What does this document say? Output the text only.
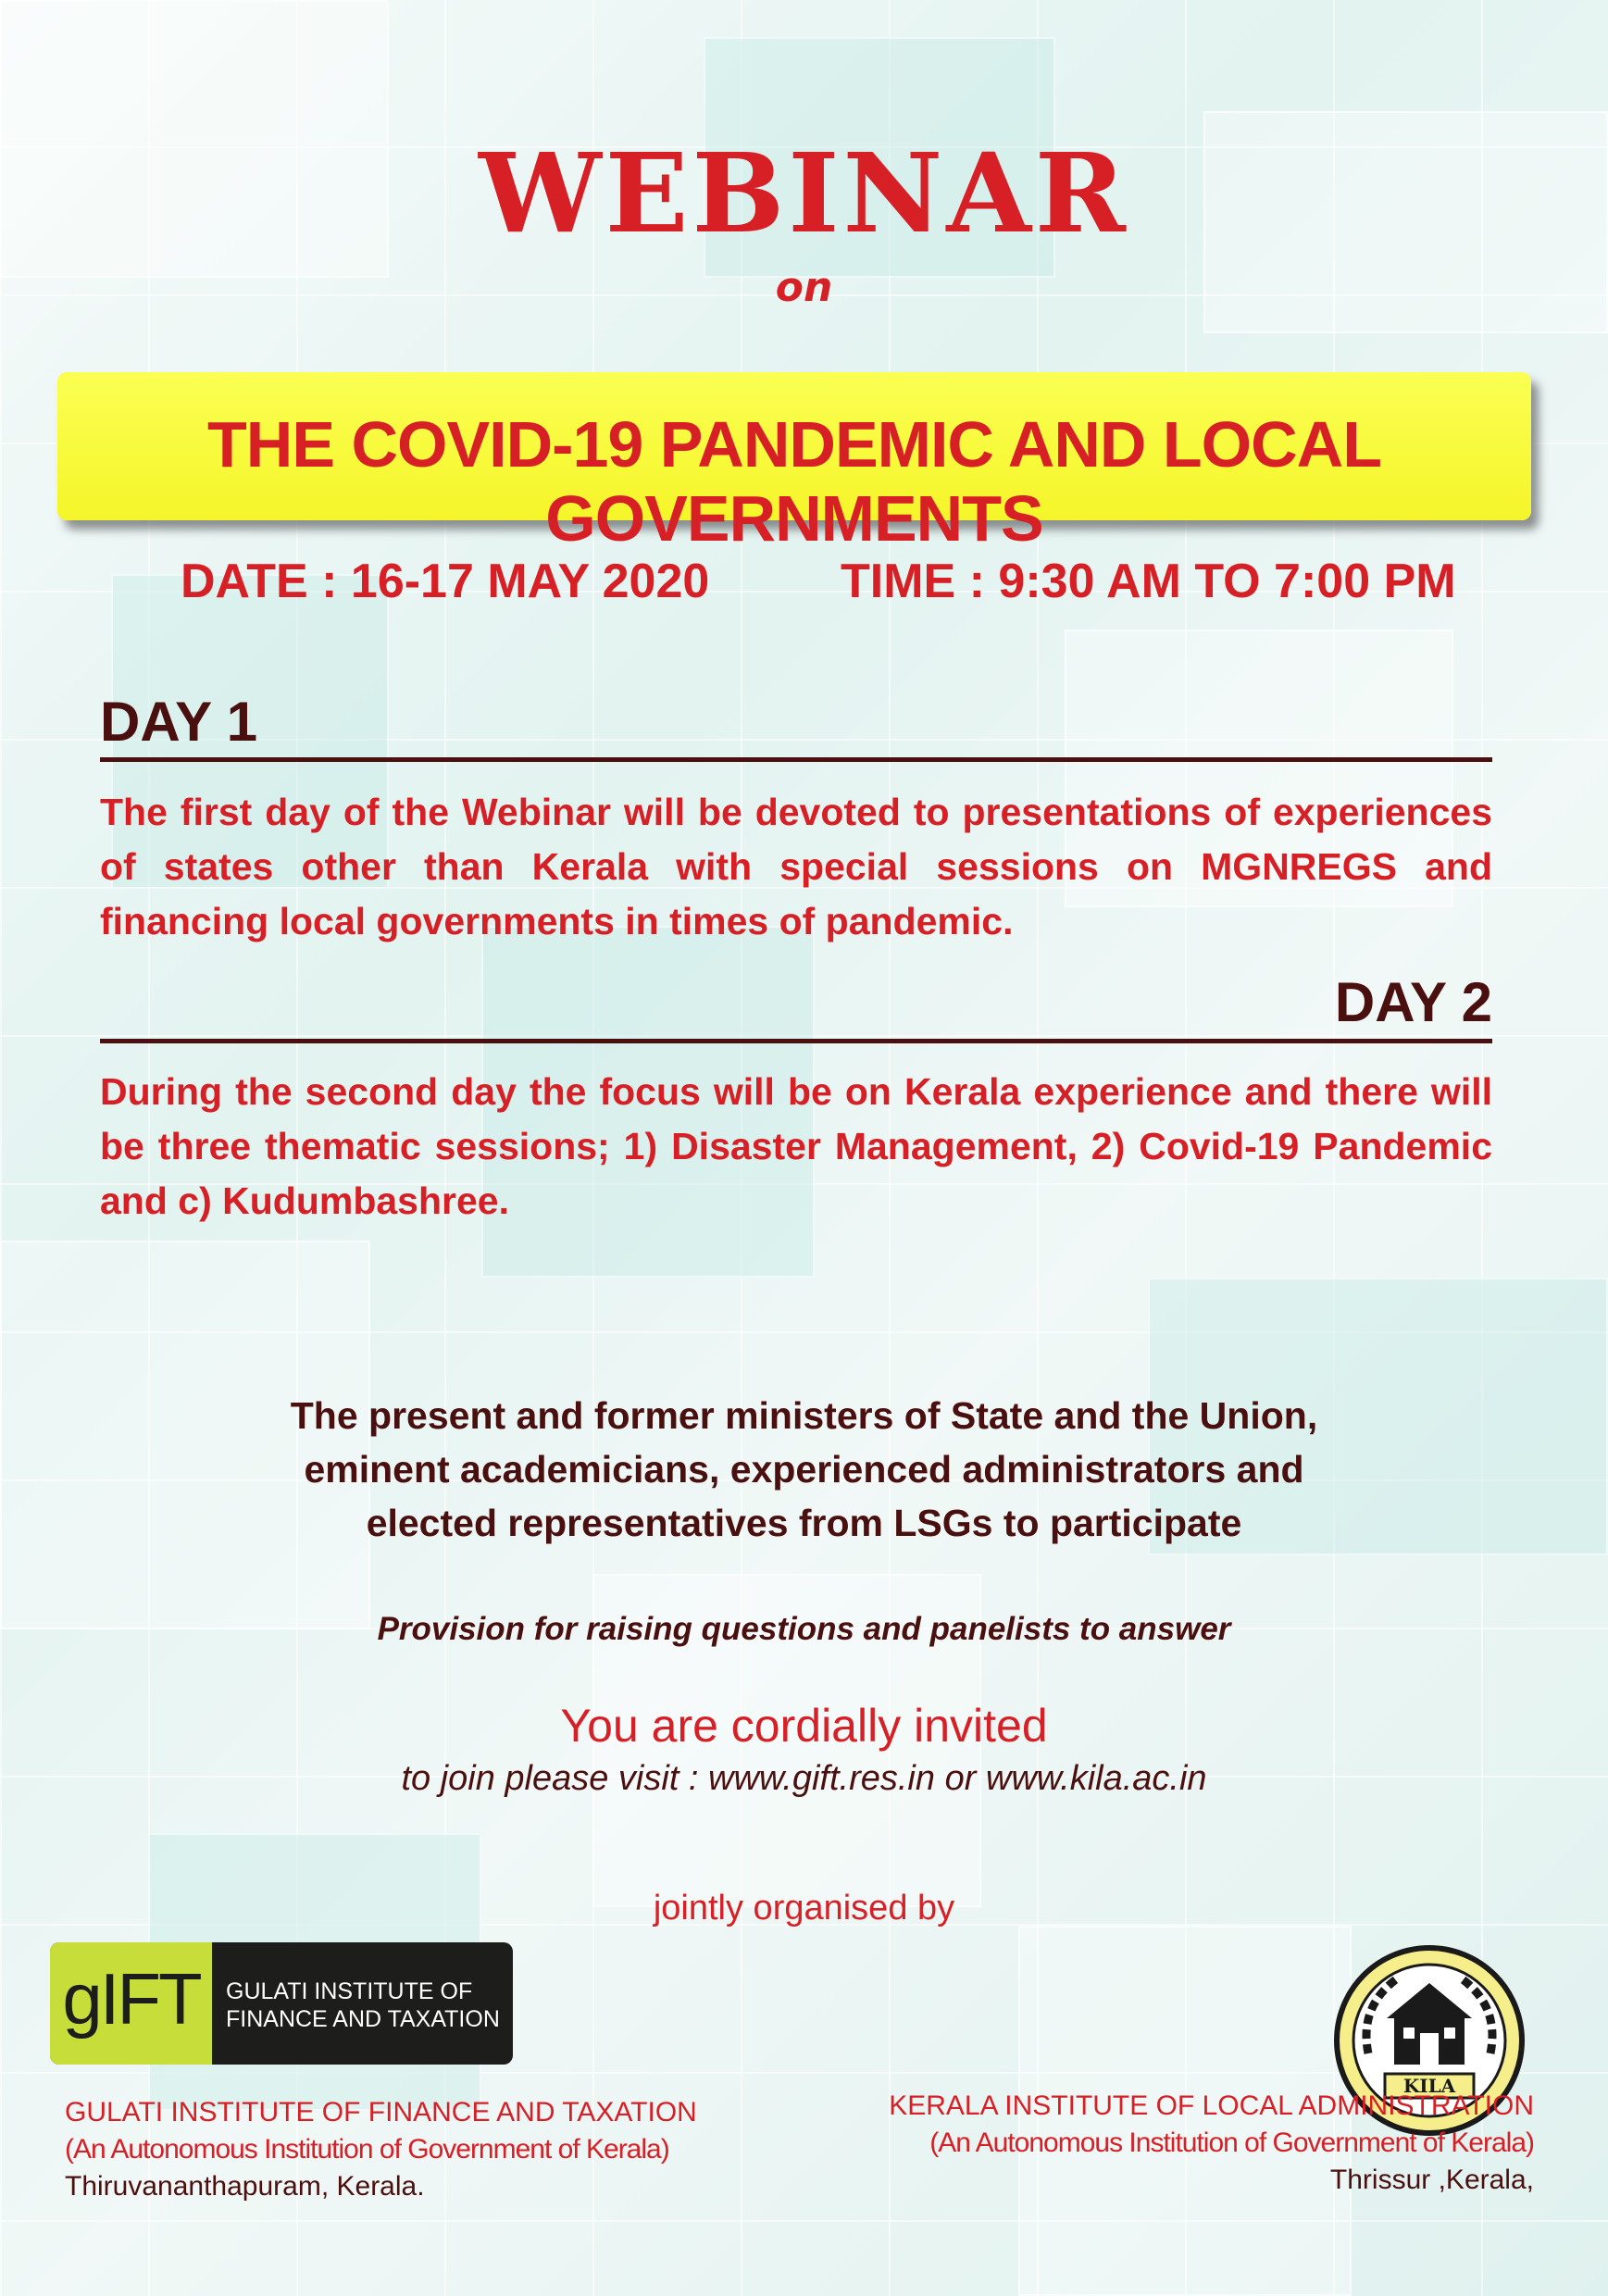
WEBINAR
on
THE COVID-19 PANDEMIC AND LOCAL GOVERNMENTS
DATE : 16-17 MAY 2020	TIME : 9:30 AM TO 7:00 PM
DAY 1
The first day of the Webinar will be devoted to presentations of experiences of states other than Kerala with special sessions on MGNREGS and financing local governments in times of pandemic.
DAY 2
During the second day the focus will be on Kerala experience and there will be three thematic sessions; 1) Disaster Management, 2) Covid-19 Pandemic and c) Kudumbashree.
The present and former ministers of State and the Union,
eminent academicians, experienced administrators and
elected representatives from LSGs to participate
Provision for raising questions and panelists to answer
You are cordially invited
to join please visit : www.gift.res.in or www.kila.ac.in
jointly organised by
gIFT	GULATI INSTITUTE OF
FINANCE AND TAXATION
KILA
GULATI INSTITUTE OF FINANCE AND TAXATION
(An Autonomous Institution of Government of Kerala)
Thiruvananthapuram, Kerala.
KERALA INSTITUTE OF LOCAL ADMINISTRATION
(An Autonomous Institution of Government of Kerala)
Thrissur ,Kerala,
